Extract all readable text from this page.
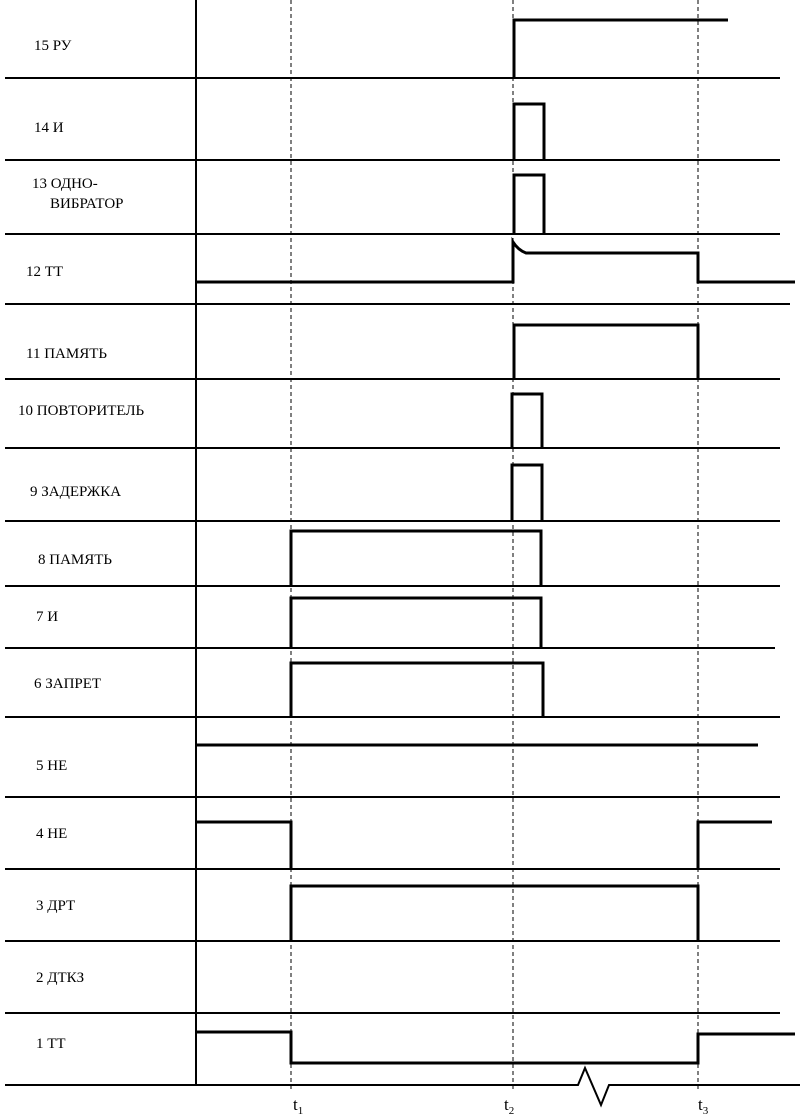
15 РУ
14 И
13 ОДНО-
ВИБРАТОР
12 ТТ
11 ПАМЯТЬ
10 ПОВТОРИТЕЛЬ
9 ЗАДЕРЖКА
8 ПАМЯТЬ
7 И
6 ЗАПРЕТ
5 НЕ
4 НЕ
3 ДРТ
2 ДТКЗ
1 ТТ
$t_1$	$t_2$	$t_3$
